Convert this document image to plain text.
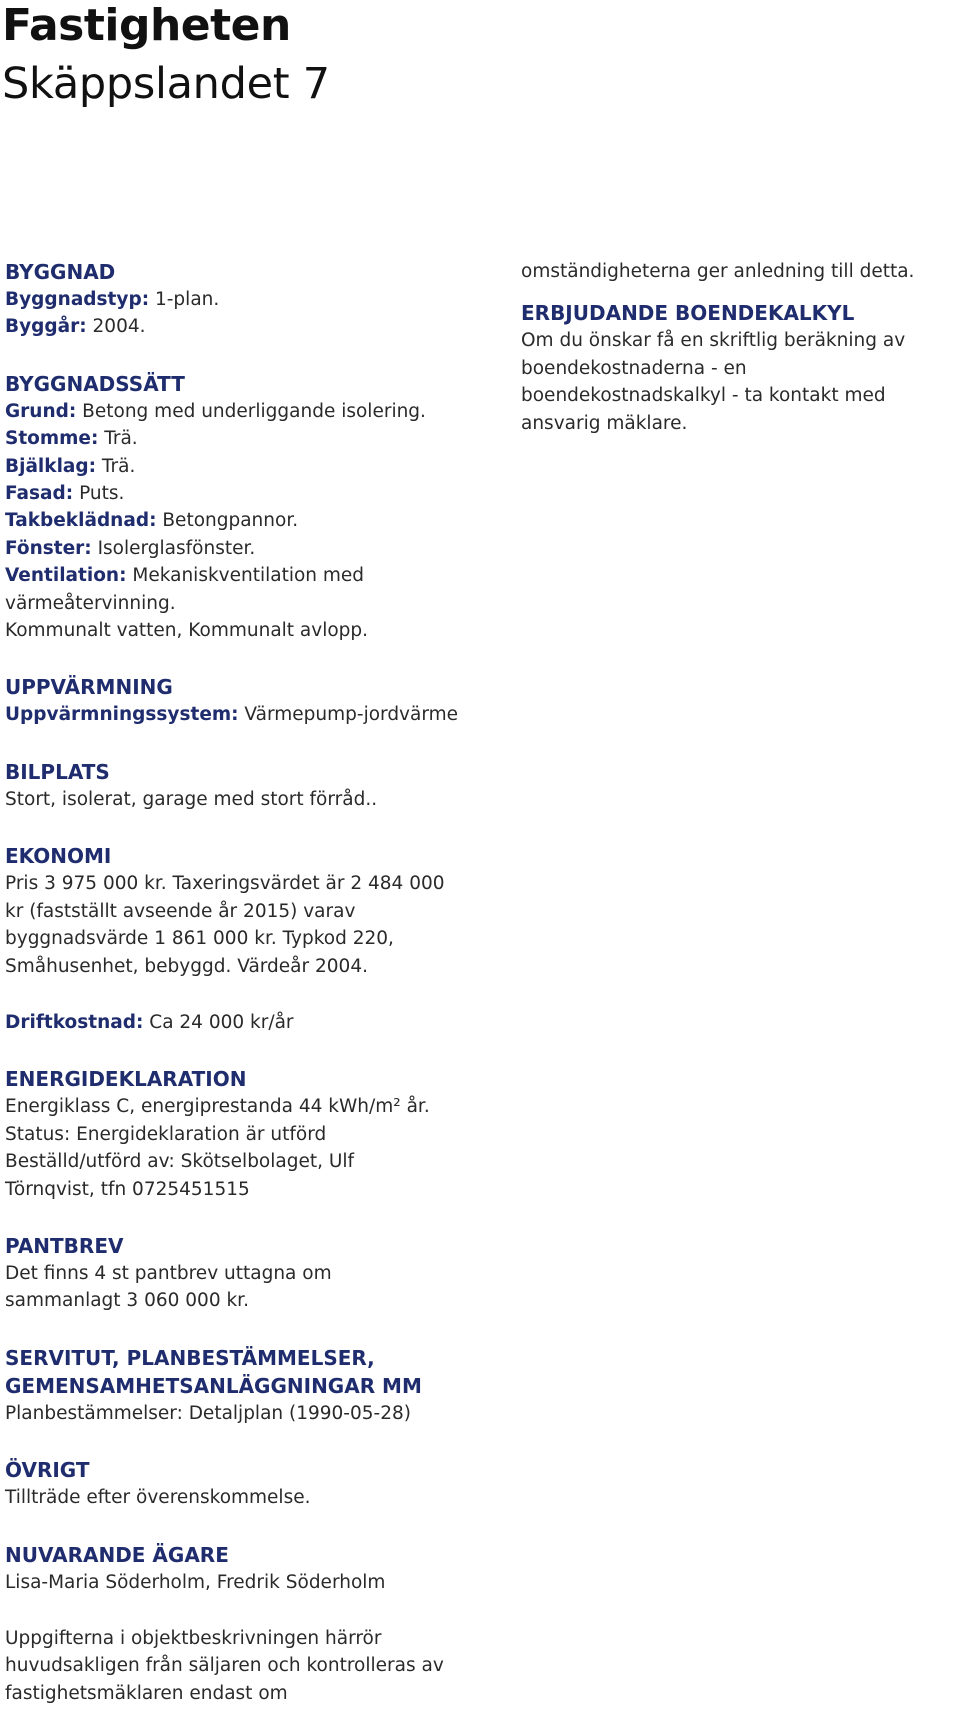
Fastigheten
Skäppslandet 7
BYGGNAD
Byggnadstyp: 1-plan.
Byggår: 2004.
BYGGNADSSÄTT
Grund: Betong med underliggande isolering.
Stomme: Trä.
Bjälklag: Trä.
Fasad: Puts.
Takbeklädnad: Betongpannor.
Fönster: Isolerglasfönster.
Ventilation: Mekaniskventilation med
värmeåtervinning.
Kommunalt vatten, Kommunalt avlopp.
UPPVÄRMNING
Uppvärmningssystem: Värmepump-jordvärme
BILPLATS
Stort, isolerat, garage med stort förråd..
EKONOMI
Pris 3 975 000 kr. Taxeringsvärdet är 2 484 000
kr (fastställt avseende år 2015) varav
byggnadsvärde 1 861 000 kr. Typkod 220,
Småhusenhet, bebyggd. Värdeår 2004.
Driftkostnad: Ca 24 000 kr/år
ENERGIDEKLARATION
Energiklass C, energiprestanda 44 kWh/m² år.
Status: Energideklaration är utförd
Beställd/utförd av: Skötselbolaget, Ulf
Törnqvist, tfn 0725451515
PANTBREV
Det finns 4 st pantbrev uttagna om
sammanlagt 3 060 000 kr.
SERVITUT, PLANBESTÄMMELSER,
GEMENSAMHETSANLÄGGNINGAR MM
Planbestämmelser: Detaljplan (1990-05-28)
ÖVRIGT
Tillträde efter överenskommelse.
NUVARANDE ÄGARE
Lisa-Maria Söderholm, Fredrik Söderholm
Uppgifterna i objektbeskrivningen härrör
huvudsakligen från säljaren och kontrolleras av
fastighetsmäklaren endast om
omständigheterna ger anledning till detta.
ERBJUDANDE BOENDEKALKYL
Om du önskar få en skriftlig beräkning av
boendekostnaderna - en
boendekostnadskalkyl - ta kontakt med
ansvarig mäklare.
